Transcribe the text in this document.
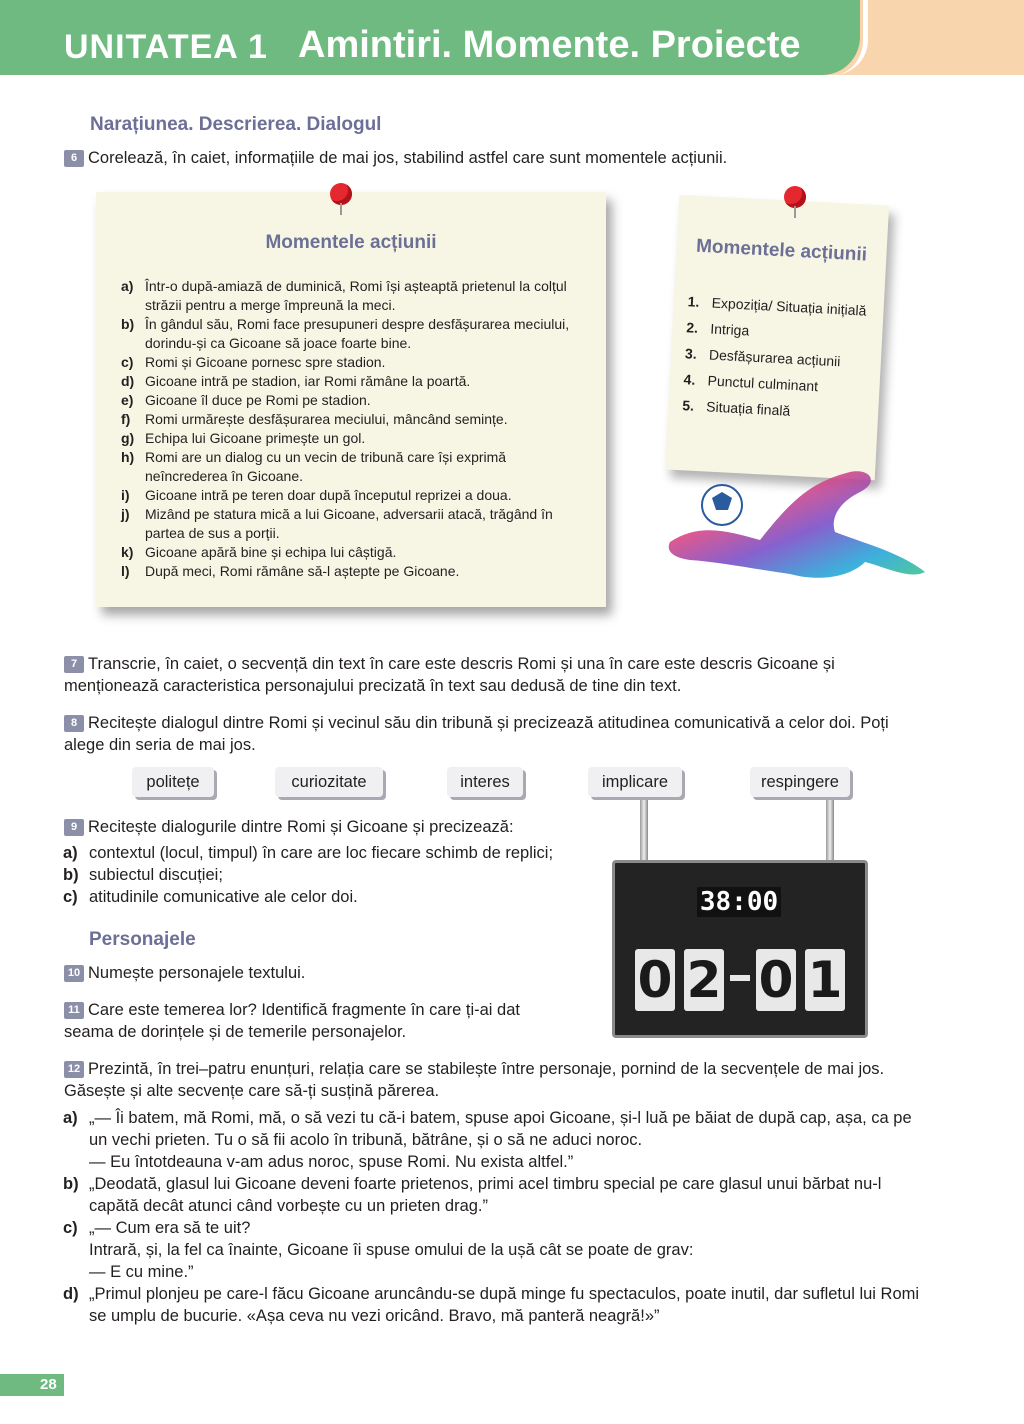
UNITATEA 1 Amintiri. Momente. Proiecte
Narațiunea. Descrierea. Dialogul
6 Corelează, în caiet, informațiile de mai jos, stabilind astfel care sunt momentele acțiunii.
Momentele acțiunii
a) Într-o după-amiază de duminică, Romi își așteaptă prietenul la colțul străzii pentru a merge împreună la meci.
b) În gândul său, Romi face presupuneri despre desfășurarea meciului, dorindu-și ca Gicoane să joace foarte bine.
c) Romi și Gicoane pornesc spre stadion.
d) Gicoane intră pe stadion, iar Romi rămâne la poartă.
e) Gicoane îl duce pe Romi pe stadion.
f) Romi urmărește desfășurarea meciului, mâncând semințe.
g) Echipa lui Gicoane primește un gol.
h) Romi are un dialog cu un vecin de tribună care își exprimă neîncrederea în Gicoane.
i) Gicoane intră pe teren doar după începutul reprizei a doua.
j) Mizând pe statura mică a lui Gicoane, adversarii atacă, trăgând în partea de sus a porții.
k) Gicoane apără bine și echipa lui câștigă.
l) După meci, Romi rămâne să-l aștepte pe Gicoane.
Momentele acțiunii
1. Expoziția/ Situația inițială
2. Intriga
3. Desfășurarea acțiunii
4. Punctul culminant
5. Situația finală
7 Transcrie, în caiet, o secvență din text în care este descris Romi și una în care este descris Gicoane și menționează caracteristica personajului precizată în text sau dedusă de tine din text.
8 Recitește dialogul dintre Romi și vecinul său din tribună și precizează atitudinea comunicativă a celor doi. Poți alege din seria de mai jos.
politețe	curiozitate	interes	implicare	respingere
9 Recitește dialogurile dintre Romi și Gicoane și precizează:
a) contextul (locul, timpul) în care are loc fiecare schimb de replici;
b) subiectul discuției;
c) atitudinile comunicative ale celor doi.
Personajele
10 Numește personajele textului.
11 Care este temerea lor? Identifică fragmente în care ți-ai dat seama de dorințele și de temerile personajelor.
38:00
0 2 0 1
12 Prezintă, în trei–patru enunțuri, relația care se stabilește între personaje, pornind de la secvențele de mai jos. Găsește și alte secvențe care să-ți susțină părerea.
a) „— Îi batem, mă Romi, mă, o să vezi tu că-i batem, spuse apoi Gicoane, și-l luă pe băiat de după cap, așa, ca pe un vechi prieten. Tu o să fii acolo în tribună, bătrâne, și o să ne aduci noroc.
— Eu întotdeauna v-am adus noroc, spuse Romi. Nu exista altfel.”
b) „Deodată, glasul lui Gicoane deveni foarte prietenos, primi acel timbru special pe care glasul unui bărbat nu-l capătă decât atunci când vorbește cu un prieten drag.”
c) „— Cum era să te uit?
Intrară, și, la fel ca înainte, Gicoane îi spuse omului de la ușă cât se poate de grav:
— E cu mine.”
d) „Primul plonjeu pe care-l făcu Gicoane aruncându-se după minge fu spectaculos, poate inutil, dar sufletul lui Romi se umplu de bucurie. «Așa ceva nu vezi oricând. Bravo, mă panteră neagră!»”
28
